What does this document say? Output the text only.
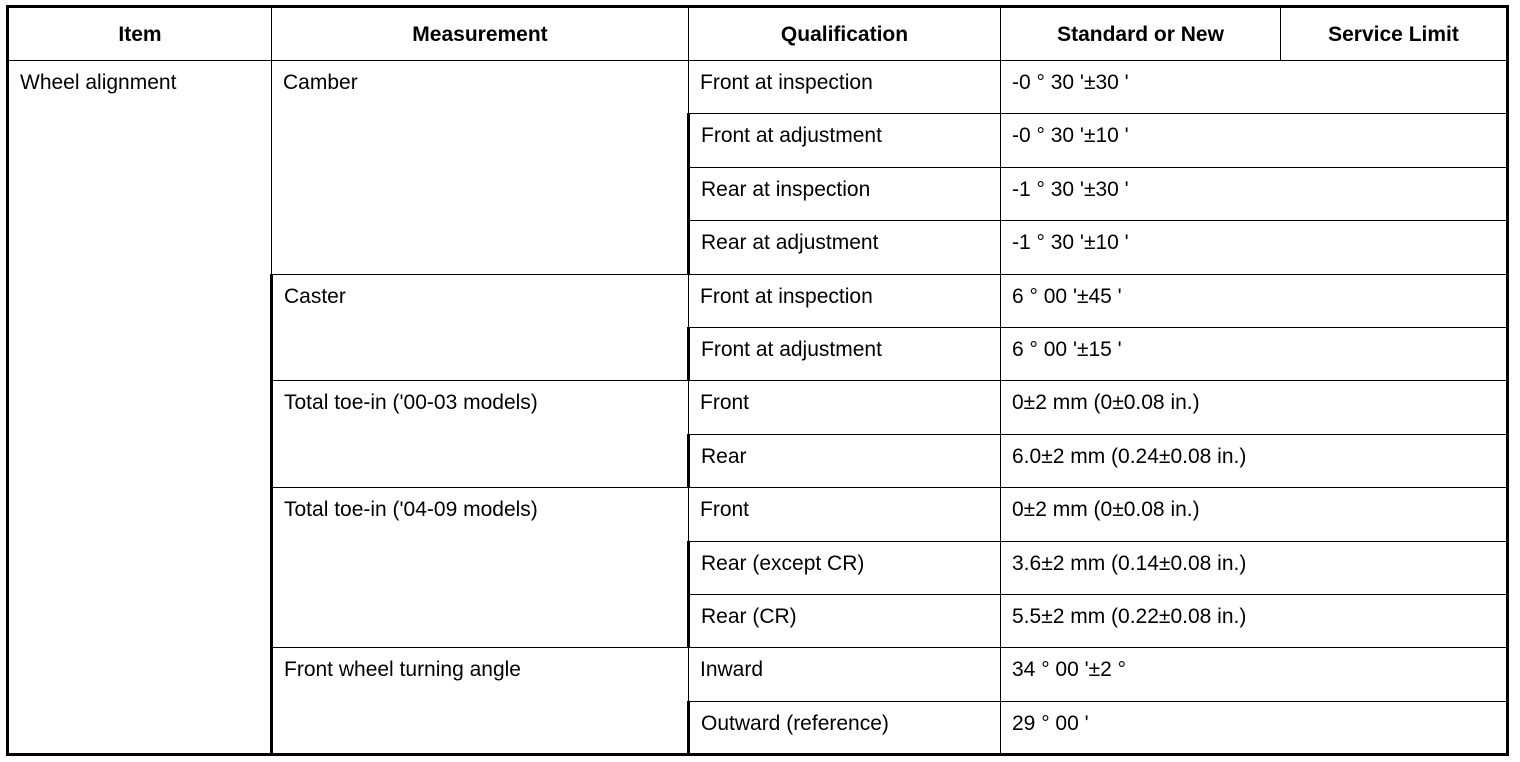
Item	Measurement	Qualification	Standard or New	Service Limit
Wheel alignment	Camber	Front at inspection	-0 ° 30 '±30 '	
		Front at adjustment	-0 ° 30 '±10 '	
		Rear at inspection	-1 ° 30 '±30 '	
		Rear at adjustment	-1 ° 30 '±10 '	
	Caster	Front at inspection	6 ° 00 '±45 '	
		Front at adjustment	6 ° 00 '±15 '	
	Total toe-in ('00-03 models)	Front	0±2 mm (0±0.08 in.)	
		Rear	6.0±2 mm (0.24±0.08 in.)	
	Total toe-in ('04-09 models)	Front	0±2 mm (0±0.08 in.)	
		Rear (except CR)	3.6±2 mm (0.14±0.08 in.)	
		Rear (CR)	5.5±2 mm (0.22±0.08 in.)	
	Front wheel turning angle	Inward	34 ° 00 '±2 °	
		Outward (reference)	29 ° 00 '	
